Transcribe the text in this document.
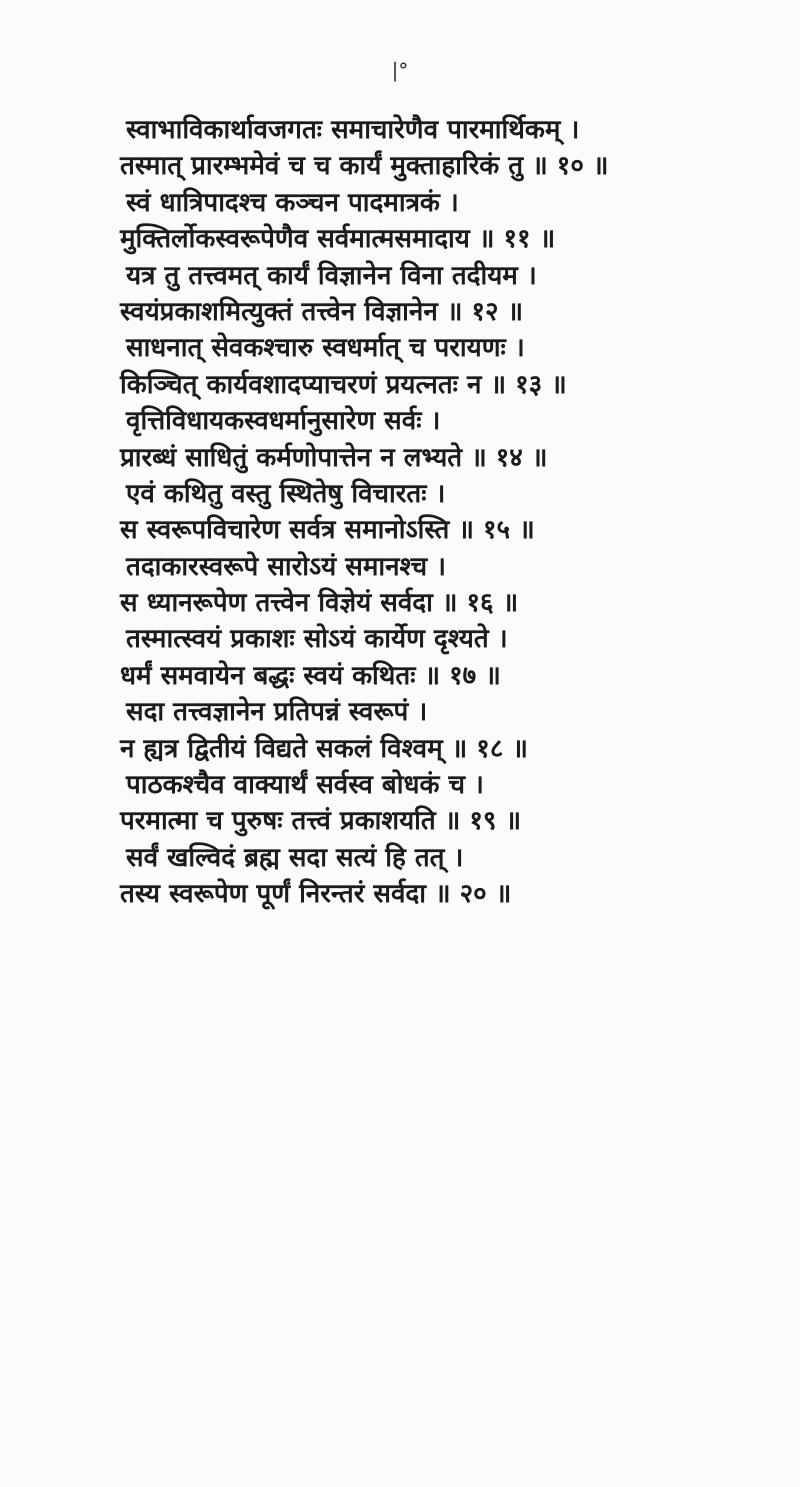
|°
स्वाभाविकार्थावजगतः समाचारेणैव पारमार्थिकम् ।
तस्मात् प्रारम्भमेवं च च कार्यं मुक्ताहारिकं तु ॥ १० ॥
स्वं धात्रिपादश्च कञ्चन पादमात्रकं ।
मुक्तिर्लोकस्वरूपेणैव सर्वमात्मसमादाय ॥ ११ ॥
यत्र तु तत्त्वमत् कार्यं विज्ञानेन विना तदीयम ।
स्वयंप्रकाशमित्युक्तं तत्त्वेन विज्ञानेन ॥ १२ ॥
साधनात् सेवकश्चारु स्वधर्मात् च परायणः ।
किञ्चित् कार्यवशादप्याचरणं प्रयत्नतः न ॥ १३ ॥
वृत्तिविधायकस्वधर्मानुसारेण सर्वः ।
प्रारब्धं साधितुं कर्मणोपात्तेन न लभ्यते ॥ १४ ॥
एवं कथितु वस्तु स्थितेषु विचारतः ।
स स्वरूपविचारेण सर्वत्र समानोऽस्ति ॥ १५ ॥
तदाकारस्वरूपे सारोऽयं समानश्च ।
स ध्यानरूपेण तत्त्वेन विज्ञेयं सर्वदा ॥ १६ ॥
तस्मात्स्वयं प्रकाशः सोऽयं कार्येण दृश्यते ।
धर्मं समवायेन बद्धः स्वयं कथितः ॥ १७ ॥
सदा तत्त्वज्ञानेन प्रतिपन्नं स्वरूपं ।
न ह्यत्र द्वितीयं विद्यते सकलं विश्वम् ॥ १८ ॥
पाठकश्चैव वाक्यार्थं सर्वस्व बोधकं च ।
परमात्मा च पुरुषः तत्त्वं प्रकाशयति ॥ १९ ॥
सर्वं खल्विदं ब्रह्म सदा सत्यं हि तत् ।
तस्य स्वरूपेण पूर्णं निरन्तरं सर्वदा ॥ २० ॥
